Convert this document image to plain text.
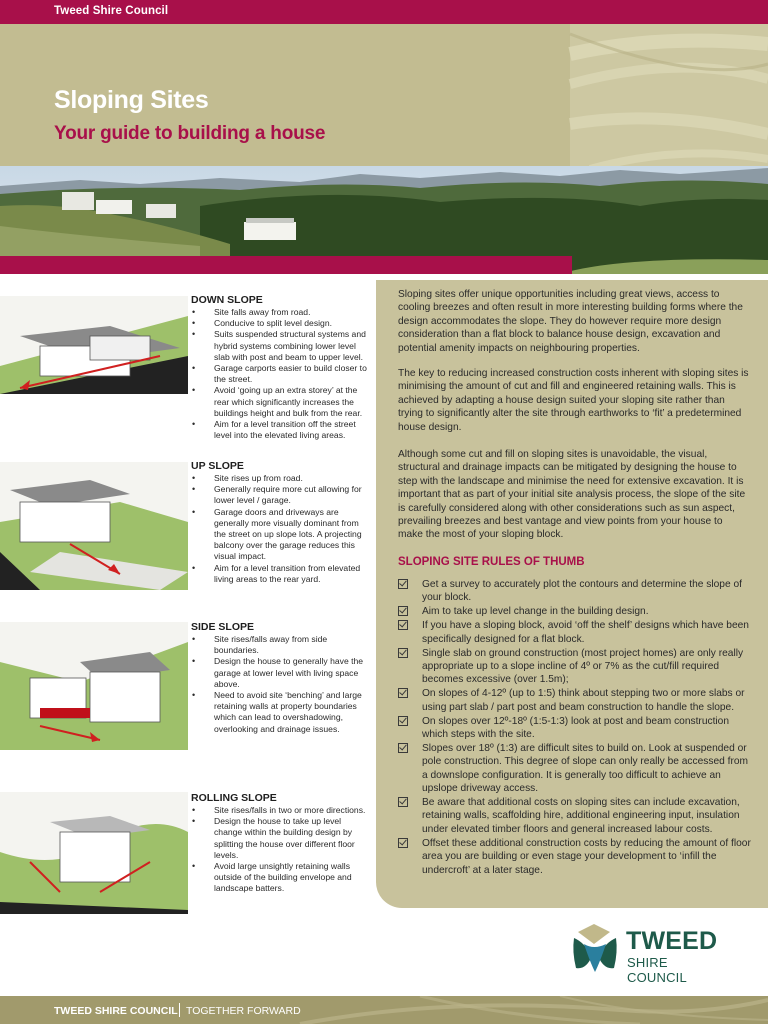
Tweed Shire Council
Sloping Sites
Your guide to building a house
DOWN SLOPE
• Site falls away from road.
• Conducive to split level design.
• Suits suspended structural systems and hybrid systems combining lower level slab with post and beam to upper level.
• Garage carports easier to build closer to the street.
• Avoid ‘going up an extra storey’ at the rear which significantly increases the buildings height and bulk from the rear.
• Aim for a level transition off the street level into the elevated living areas.
UP SLOPE
• Site rises up from road.
• Generally require more cut allowing for lower level / garage.
• Garage doors and driveways are generally more visually dominant from the street on up slope lots. A projecting balcony over the garage reduces this visual impact.
• Aim for a level transition from elevated living areas to the rear yard.
SIDE SLOPE
• Site rises/falls away from side boundaries.
• Design the house to generally have the garage at lower level with living space above.
• Need to avoid site ‘benching’ and large retaining walls at property boundaries which can lead to overshadowing, overlooking and drainage issues.
ROLLING SLOPE
• Site rises/falls in two or more directions.
• Design the house to take up level change within the building design by splitting the house over different floor levels.
• Avoid large unsightly retaining walls outside of the building envelope and landscape batters.

Sloping sites offer unique opportunities including great views, access to cooling breezes and often result in more interesting building forms where the design accommodates the slope. They do however require more design consideration than a flat block to balance house design, excavation and potential amenity impacts on neighbouring properties.

The key to reducing increased construction costs inherent with sloping sites is minimising the amount of cut and fill and engineered retaining walls. This is achieved by adapting a house design suited your sloping site rather than trying to significantly alter the site through earthworks to ‘fit’ a predetermined house design.

Although some cut and fill on sloping sites is unavoidable, the visual, structural and drainage impacts can be mitigated by designing the house to step with the landscape and minimise the need for extensive excavation. It is important that as part of your initial site analysis process, the slope of the site is carefully considered along with other considerations such as sun aspect, prevailing breezes and best vantage and view points from your house to make the most of your sloping block.

SLOPING SITE RULES OF THUMB
Get a survey to accurately plot the contours and determine the slope of your block.
Aim to take up level change in the building design.
If you have a sloping block, avoid ‘off the shelf’ designs which have been specifically designed for a flat block.
Single slab on ground construction (most project homes) are only really appropriate up to a slope incline of 4º or 7% as the cut/fill required becomes excessive (over 1.5m);
On slopes of 4-12º (up to 1:5) think about stepping two or more slabs or using part slab / part post and beam construction to handle the slope.
On slopes over 12º-18º (1:5-1:3) look at post and beam construction which steps with the site.
Slopes over 18º (1:3) are difficult sites to build on. Look at suspended or pole construction. This degree of slope can only really be accessed from a downslope configuration. It is generally too difficult to achieve an upslope driveway access.
Be aware that additional costs on sloping sites can include excavation, retaining walls, scaffolding hire, additional engineering input, insulation under elevated timber floors and general increased labour costs.
Offset these additional construction costs by reducing the amount of floor area you are building or even stage your development to ‘infill the undercroft’ at a later stage.
TWEED
SHIRE COUNCIL
TWEED SHIRE COUNCIL TOGETHER FORWARD
